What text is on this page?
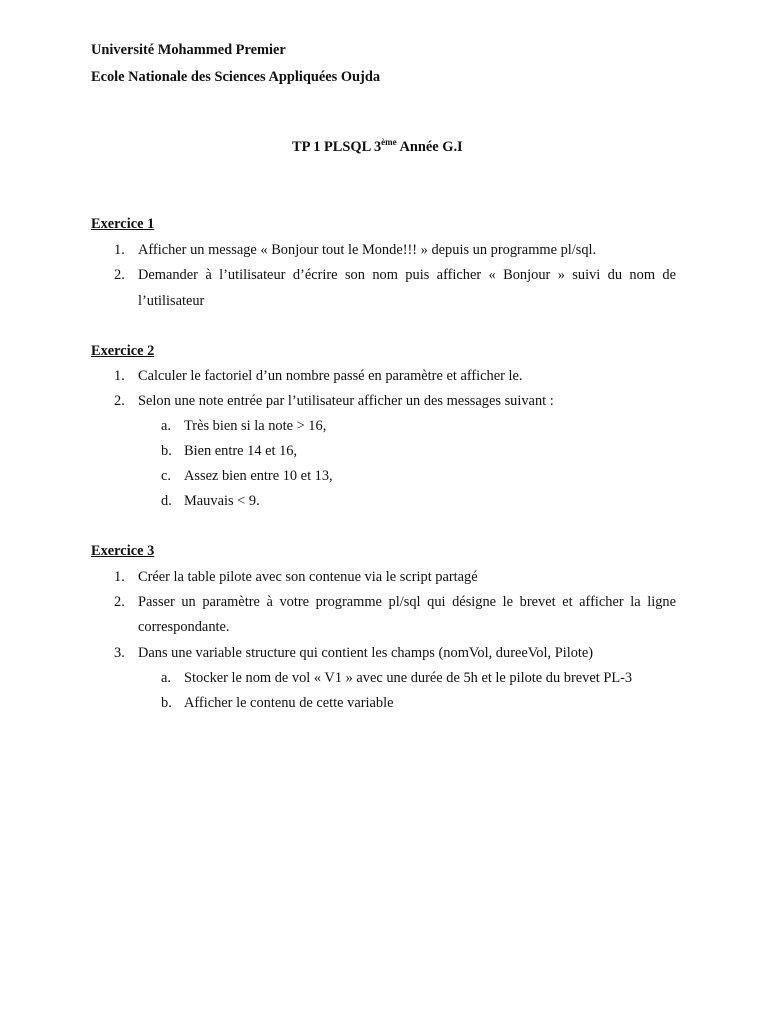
Université Mohammed Premier
Ecole Nationale des Sciences Appliquées Oujda
TP 1 PLSQL 3ème Année G.I
Exercice 1
1. Afficher un message « Bonjour tout le Monde!!! » depuis un programme pl/sql.
2. Demander à l’utilisateur d’écrire son nom puis afficher « Bonjour » suivi du nom de
l’utilisateur
Exercice 2
1. Calculer le factoriel d’un nombre passé en paramètre et afficher le.
2. Selon une note entrée par l’utilisateur afficher un des messages suivant :
a. Très bien si la note > 16,
b. Bien entre 14 et 16,
c. Assez bien entre 10 et 13,
d. Mauvais < 9.
Exercice 3
1. Créer la table pilote avec son contenue via le script partagé
2. Passer un paramètre à votre programme pl/sql qui désigne le brevet et afficher la ligne
correspondante.
3. Dans une variable structure qui contient les champs (nomVol, dureeVol, Pilote)
a. Stocker le nom de vol « V1 » avec une durée de 5h et le pilote du brevet PL-3
b. Afficher le contenu de cette variable
